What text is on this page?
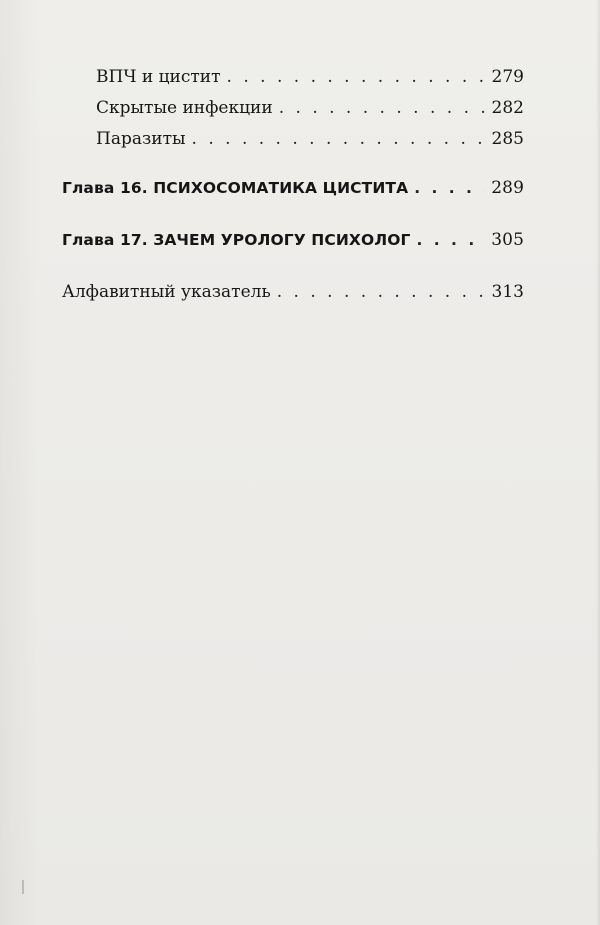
ВПЧ и цистит . . .	279
Скрытые инфекции . . .	282
Паразиты . . .	285
Глава 16. ПСИХОСОМАТИКА ЦИСТИТА . . .	289
Глава 17. ЗАЧЕМ УРОЛОГУ ПСИХОЛОГ . . .	305
Алфавитный указатель . . .	313
